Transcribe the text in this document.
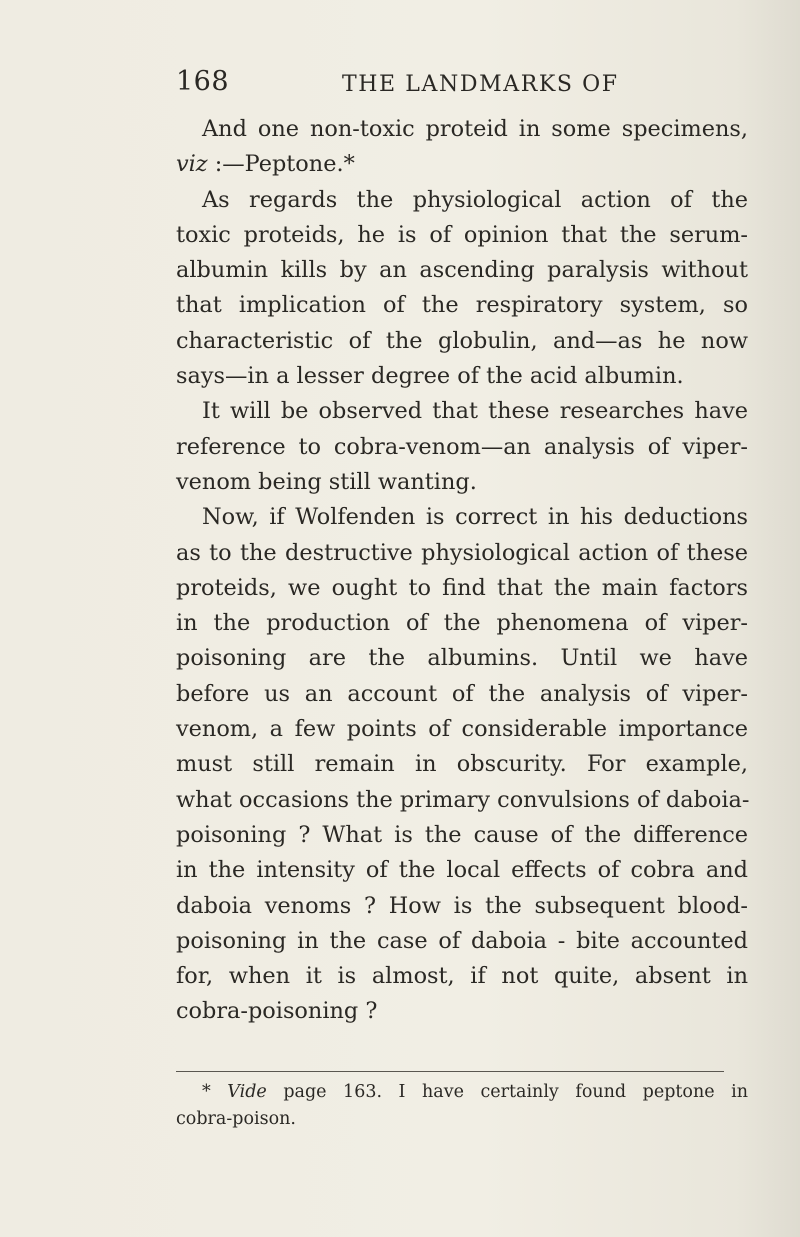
168	THE LANDMARKS OF
And one non-toxic proteid in some specimens,
viz :—Peptone.*
As regards the physiological action of the
toxic proteids, he is of opinion that the serum-
albumin kills by an ascending paralysis without
that implication of the respiratory system, so
characteristic of the globulin, and—as he now
says—in a lesser degree of the acid albumin.
It will be observed that these researches have
reference to cobra-venom—an analysis of viper-
venom being still wanting.
Now, if Wolfenden is correct in his deductions
as to the destructive physiological action of these
proteids, we ought to find that the main factors
in the production of the phenomena of viper-
poisoning are the albumins. Until we have
before us an account of the analysis of viper-
venom, a few points of considerable importance
must still remain in obscurity. For example,
what occasions the primary convulsions of daboia-
poisoning ? What is the cause of the difference
in the intensity of the local effects of cobra and
daboia venoms ? How is the subsequent blood-
poisoning in the case of daboia - bite accounted
for, when it is almost, if not quite, absent in
cobra-poisoning ?
* Vide page 163. I have certainly found peptone in
cobra-poison.
